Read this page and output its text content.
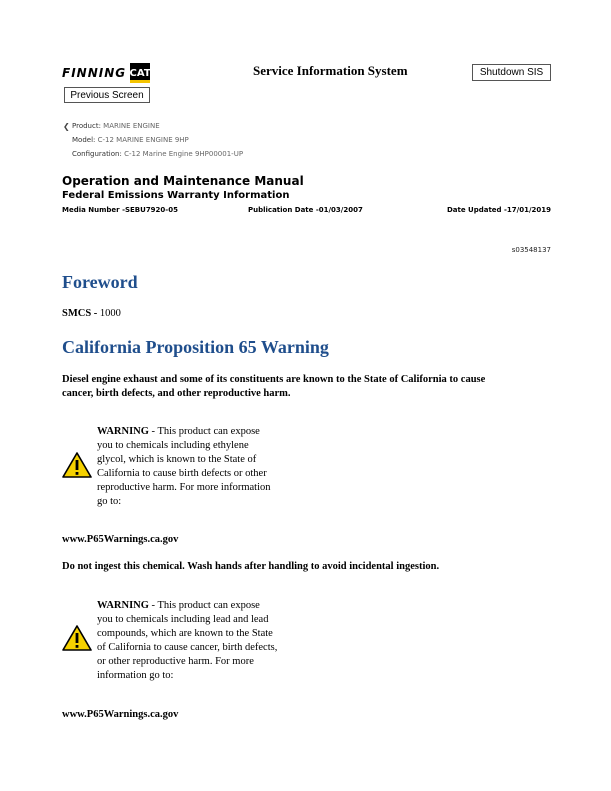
FINNING CAT	Service Information System	Shutdown SIS
Previous Screen
❮ Product: MARINE ENGINE
Model: C-12 MARINE ENGINE 9HP
Configuration: C-12 Marine Engine 9HP00001-UP
Operation and Maintenance Manual
Federal Emissions Warranty Information
Media Number -SEBU7920-05	Publication Date -01/03/2007	Date Updated -17/01/2019
s03548137
Foreword
SMCS - 1000
California Proposition 65 Warning
Diesel engine exhaust and some of its constituents are known to the State of California to cause
cancer, birth defects, and other reproductive harm.
WARNING - This product can expose
you to chemicals including ethylene
glycol, which is known to the State of
California to cause birth defects or other
reproductive harm. For more information
go to:
www.P65Warnings.ca.gov
Do not ingest this chemical. Wash hands after handling to avoid incidental ingestion.
WARNING - This product can expose
you to chemicals including lead and lead
compounds, which are known to the State
of California to cause cancer, birth defects,
or other reproductive harm. For more
information go to:
www.P65Warnings.ca.gov
